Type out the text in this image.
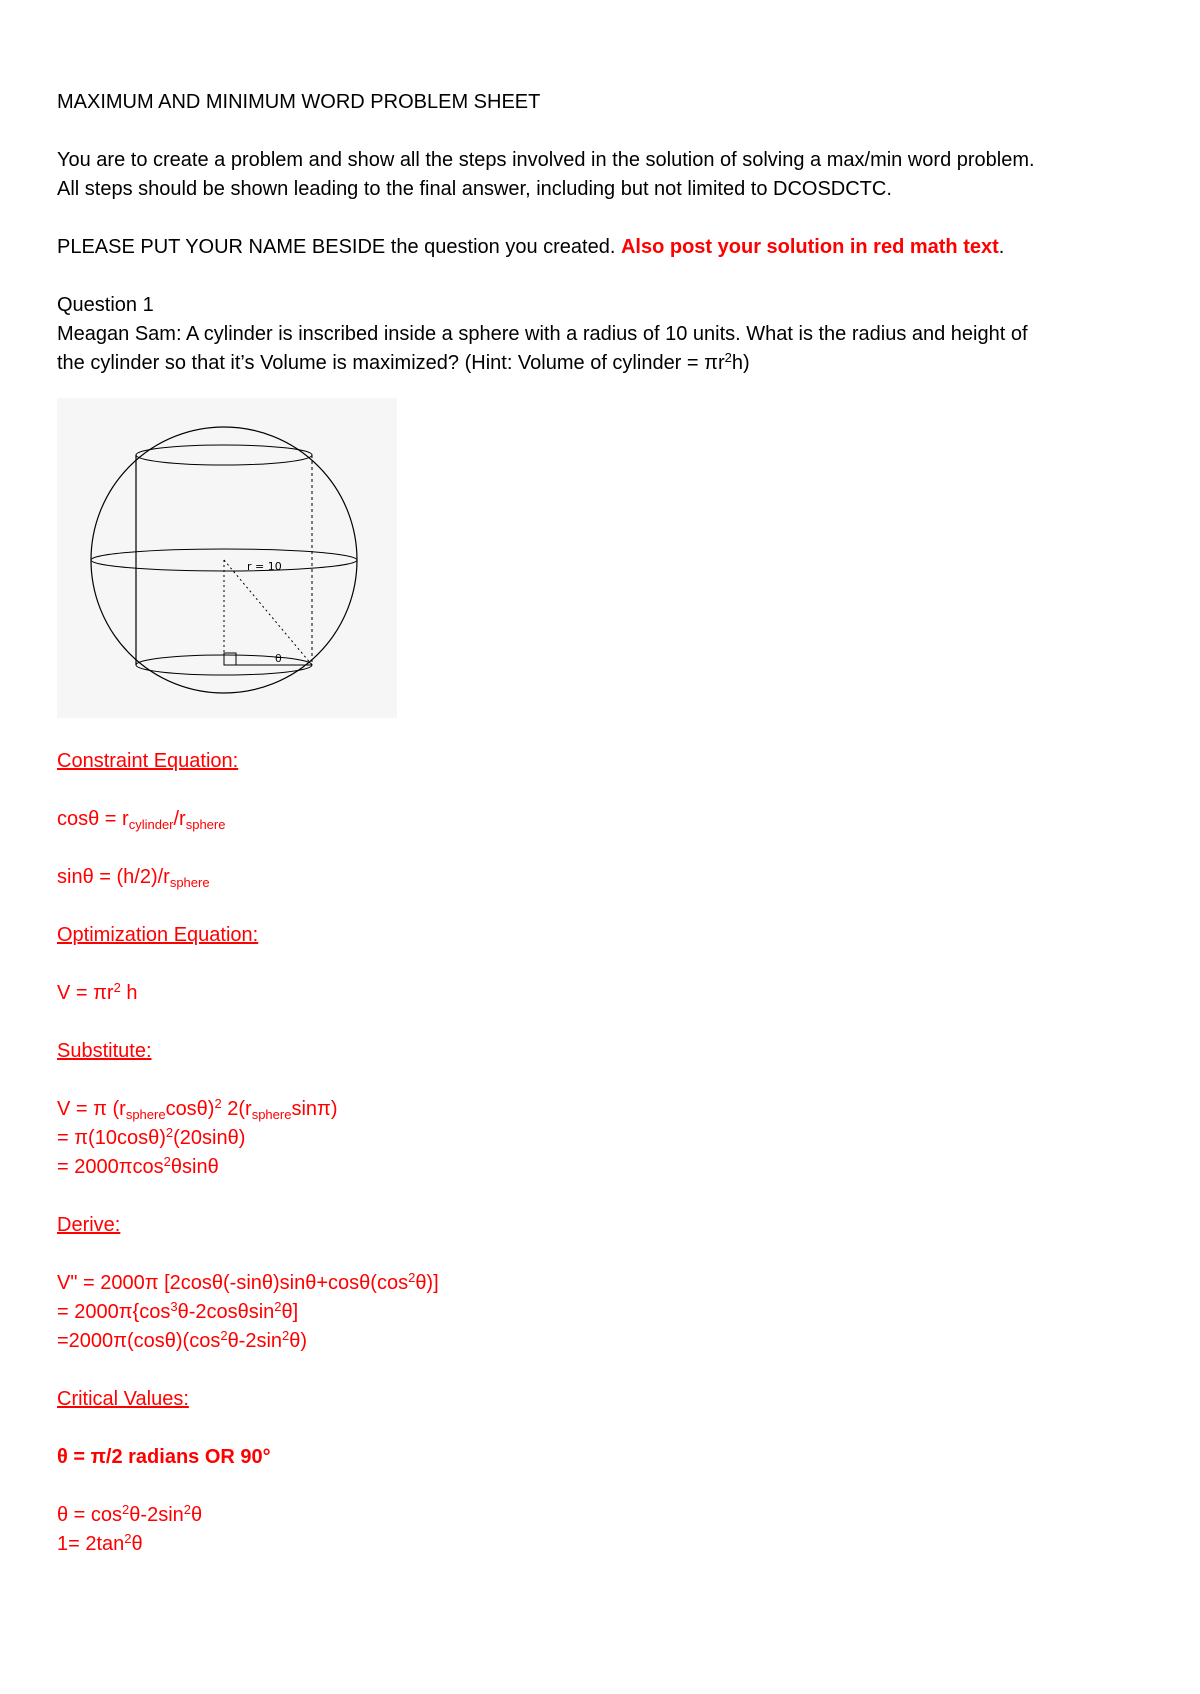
MAXIMUM AND MINIMUM WORD PROBLEM SHEET

You are to create a problem and show all the steps involved in the solution of solving a max/min word problem.

All steps should be shown leading to the final answer, including but not limited to DCOSDCTC.

PLEASE PUT YOUR NAME BESIDE the question you created. Also post your solution in red math text.

Question 1

Meagan Sam: A cylinder is inscribed inside a sphere with a radius of 10 units. What is the radius and height of

the cylinder so that it’s Volume is maximized? (Hint: Volume of cylinder = $\pi r^2h$)

r = 10
θ

Constraint Equation:

$\cos\theta = r_{cylinder}/r_{sphere}$

$\sin\theta = (h/2)/r_{sphere}$

Optimization Equation:

$V = \pi r^2$ h

Substitute:

V = π $(r_{sphere}\cos\theta)^2$ $2(r_{sphere}\sin\pi)$

= $\pi(10\cos\theta)^2(20\sin\theta)$

= 2000πcos$^2$θsinθ

Derive:

V" = 2000π $[2\cos\theta(-\sin\theta)\sin\theta+\cos\theta(\cos^2\theta)]$

= $2000\pi\{\cos^3\theta-2\cos\theta\sin^2\theta]$

$=2000\pi(\cos\theta)(\cos^2\theta-2\sin^2\theta)$

Critical Values:

θ = π/2 radians OR 90°

$\theta = \cos^2\theta-2\sin^2\theta$

$1= 2\tan^2\theta$
